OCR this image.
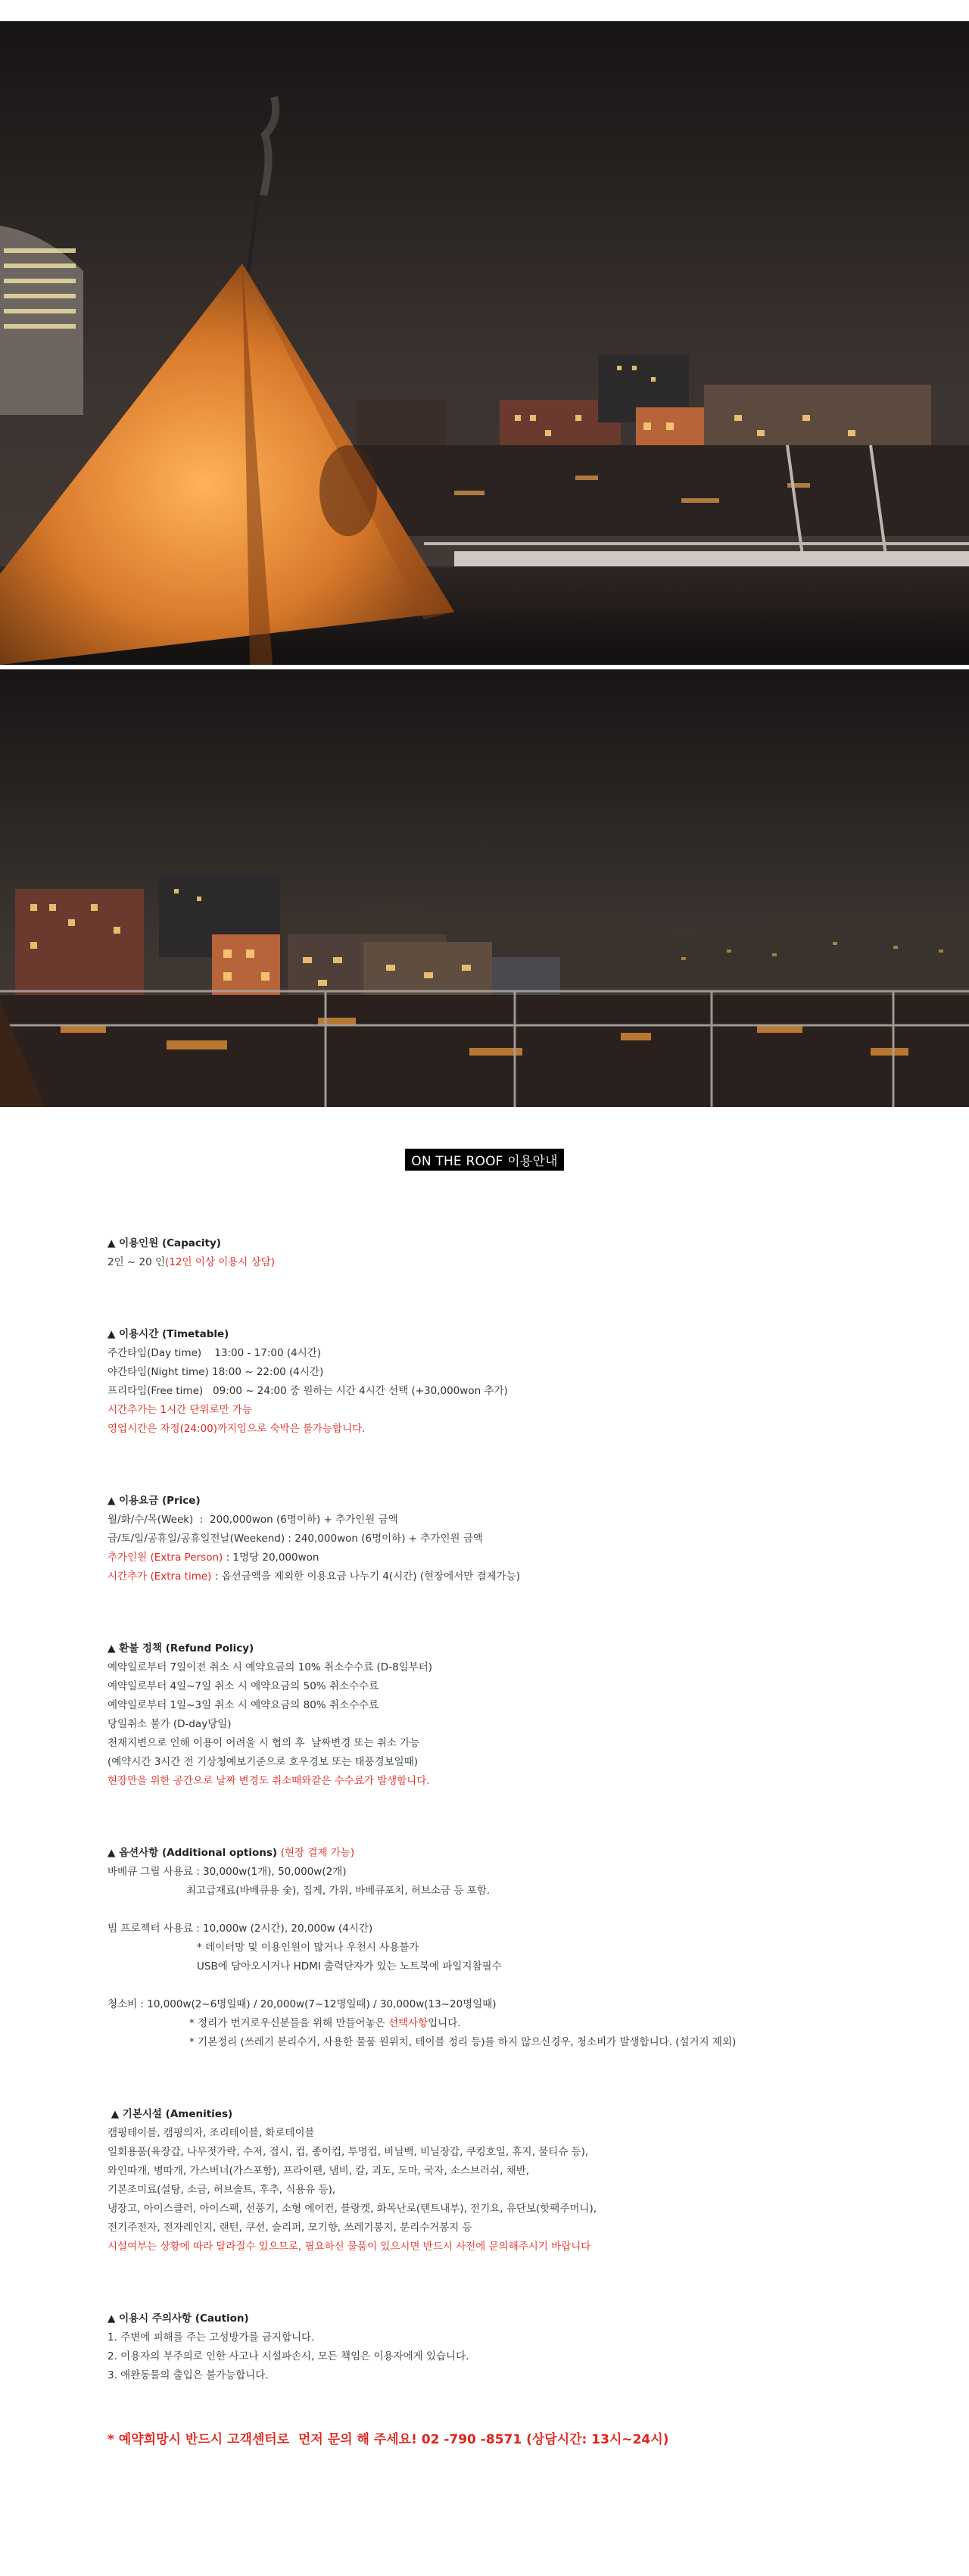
ON THE ROOF 이용안내
▲ 이용인원 (Capacity)
2인 ~ 20 인(12인 이상 이용시 상담)
▲ 이용시간 (Timetable)
주간타임(Day time)    13:00 - 17:00 (4시간)
야간타임(Night time) 18:00 ~ 22:00 (4시간)
프리타임(Free time)   09:00 ~ 24:00 중 원하는 시간 4시간 선택 (+30,000won 추가)
시간추가는 1시간 단위로만 가능
영업시간은 자정(24:00)까지임으로 숙박은 불가능합니다.
▲ 이용요금 (Price)
월/화/수/목(Week)  :  200,000won (6명이하) + 추가인원 금액
금/토/일/공휴일/공휴일전날(Weekend) : 240,000won (6명이하) + 추가인원 금액
추가인원 (Extra Person) : 1명당 20,000won
시간추가 (Extra time) : 옵션금액을 제외한 이용요금 나누기 4(시간) (현장에서만 결제가능)
▲ 환불 정책 (Refund Policy)
예약일로부터 7일이전 취소 시 예약요금의 10% 취소수수료 (D-8일부터)
예약일로부터 4일~7일 취소 시 예약요금의 50% 취소수수료
예약일로부터 1일~3일 취소 시 예약요금의 80% 취소수수료
당일취소 불가 (D-day당일)
천재지변으로 인해 이용이 어려울 시 협의 후  날짜변경 또는 취소 가능
(예약시간 3시간 전 기상청예보기준으로 호우경보 또는 태풍경보일때)
현장만을 위한 공간으로 날짜 변경도 취소때와같은 수수료가 발생합니다.
▲ 옵션사항 (Additional options) (현장 결제 가능)
바베큐 그릴 사용료 : 30,000w(1개), 50,000w(2개)
최고급재료(바베큐용 숯), 집게, 가위, 바베큐포치, 허브소금 등 포함.
빔 프로젝터 사용료 : 10,000w (2시간), 20,000w (4시간)
* 데이터망 및 이용인원이 많거나 우천시 사용불가
USB에 담아오시거나 HDMI 출력단자가 있는 노트북에 파일지참필수
청소비 : 10,000w(2~6명일때) / 20,000w(7~12명일때) / 30,000w(13~20명일때)
* 정리가 번거로우신분들을 위해 만들어놓은 선택사항입니다.
* 기본정리 (쓰레기 분리수거, 사용한 물품 원위치, 테이블 정리 등)를 하지 않으신경우, 청소비가 발생합니다. (설거지 제외)
▲ 기본시설 (Amenities)
캠핑테이블, 캠핑의자, 조리테이블, 화로테이블
일회용품(육장갑, 나무젓가락, 수저, 접시, 컵, 종이컵, 투명컵, 비닐백, 비닐장갑, 쿠킹호일, 휴지, 물티슈 등),
와인따개, 병따개, 가스버너(가스포함), 프라이팬, 냄비, 칼, 괴도, 도마, 국자, 소스브러쉬, 채반,
기본조미료(설탕, 소금, 허브솔트, 후추, 식용유 등),
냉장고, 아이스클러, 아이스팩, 선풍기, 소형 에어컨, 블랑켓, 화목난로(텐트내부), 전기요, 유단보(핫팩주머니),
전기주전자, 전자레인지, 랜턴, 쿠션, 슬리퍼, 모기향, 쓰레기봉지, 분리수거봉지 등
시설여부는 상황에 따라 달라질수 있으므로, 필요하신 물품이 있으시면 반드시 사전에 문의해주시기 바랍니다
▲ 이용시 주의사항 (Caution)
1. 주변에 피해를 주는 고성방가를 금지합니다.
2. 이용자의 부주의로 인한 사고나 시설파손시, 모든 책임은 이용자에게 있습니다.
3. 애완동물의 출입은 불가능합니다.
* 예약희망시 반드시 고객센터로  먼저 문의 해 주세요! 02 -790 -8571 (상담시간: 13시~24시)
